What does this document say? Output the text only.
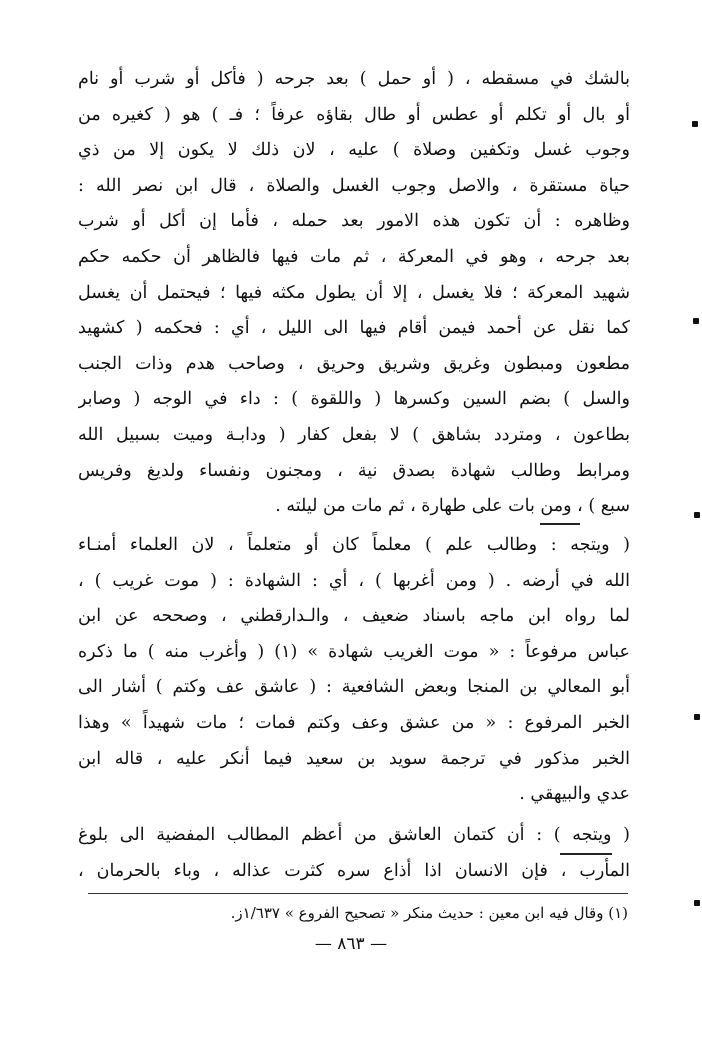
بالشك في مسقطه ، ( أو حمل ) بعد جرحه ( فأكل أو شرب أو نام
أو بال أو تكلم أو عطس أو طال بقاؤه عرفاً ؛ فـ ) هو ( كغيره من
وجوب غسل وتكفين وصلاة ) عليه ، لان ذلك لا يكون إلا من ذي
حياة مستقرة ، والاصل وجوب الغسل والصلاة ، قال ابن نصر الله :
وظاهره : أن تكون هذه الامور بعد حمله ، فأما إن أكل أو شرب
بعد جرحه ، وهو في المعركة ، ثم مات فيها فالظاهر أن حكمه حكم
شهيد المعركة ؛ فلا يغسل ، إلا أن يطول مكثه فيها ؛ فيحتمل أن يغسل
كما نقل عن أحمد فيمن أقام فيها الى الليل ، أي : فحكمه ( كشهيد
مطعون ومبطون وغريق وشريق وحريق ، وصاحب هدم وذات الجنب
والسل ) بضم السين وكسرها ( واللقوة ) : داء في الوجه ( وصابر
بطاعون ، ومتردد بشاهق ) لا بفعل كفار ( ودابـة وميت بسبيل الله
ومرابط وطالب شهادة بصدق نية ، ومجنون ونفساء ولديغ وفريس
سبع ) ، ومن بات على طهارة ، ثم مات من ليلته .
( ويتجه : وطالب علم ) معلماً كان أو متعلماً ، لان العلماء أمنـاء
الله في أرضه . ( ومن أغربها ) ، أي : الشهادة : ( موت غريب ) ،
لما رواه ابن ماجه باسناد ضعيف ، والـدارقطني ، وصححه عن ابن
عباس مرفوعاً : « موت الغريب شهادة » (١) ( وأغرب منه ) ما ذكره
أبو المعالي بن المنجا وبعض الشافعية : ( عاشق عف وكتم ) أشار الى
الخبر المرفوع : « من عشق وعف وكتم فمات ؛ مات شهيداً » وهذا
الخبر مذكور في ترجمة سويد بن سعيد فيما أنكر عليه ، قاله ابن
عدي والبيهقي .
( ويتجه ) : أن كتمان العاشق من أعظم المطالب المفضية الى بلوغ
المأرب ، فإن الانسان اذا أذاع سره كثرت عذاله ، وباء بالحرمان ،
(١) وقال فيه ابن معين : حديث منكر « تصحيح الفروع » ١/٦٣٧ز.
— ٨٦٣ —
